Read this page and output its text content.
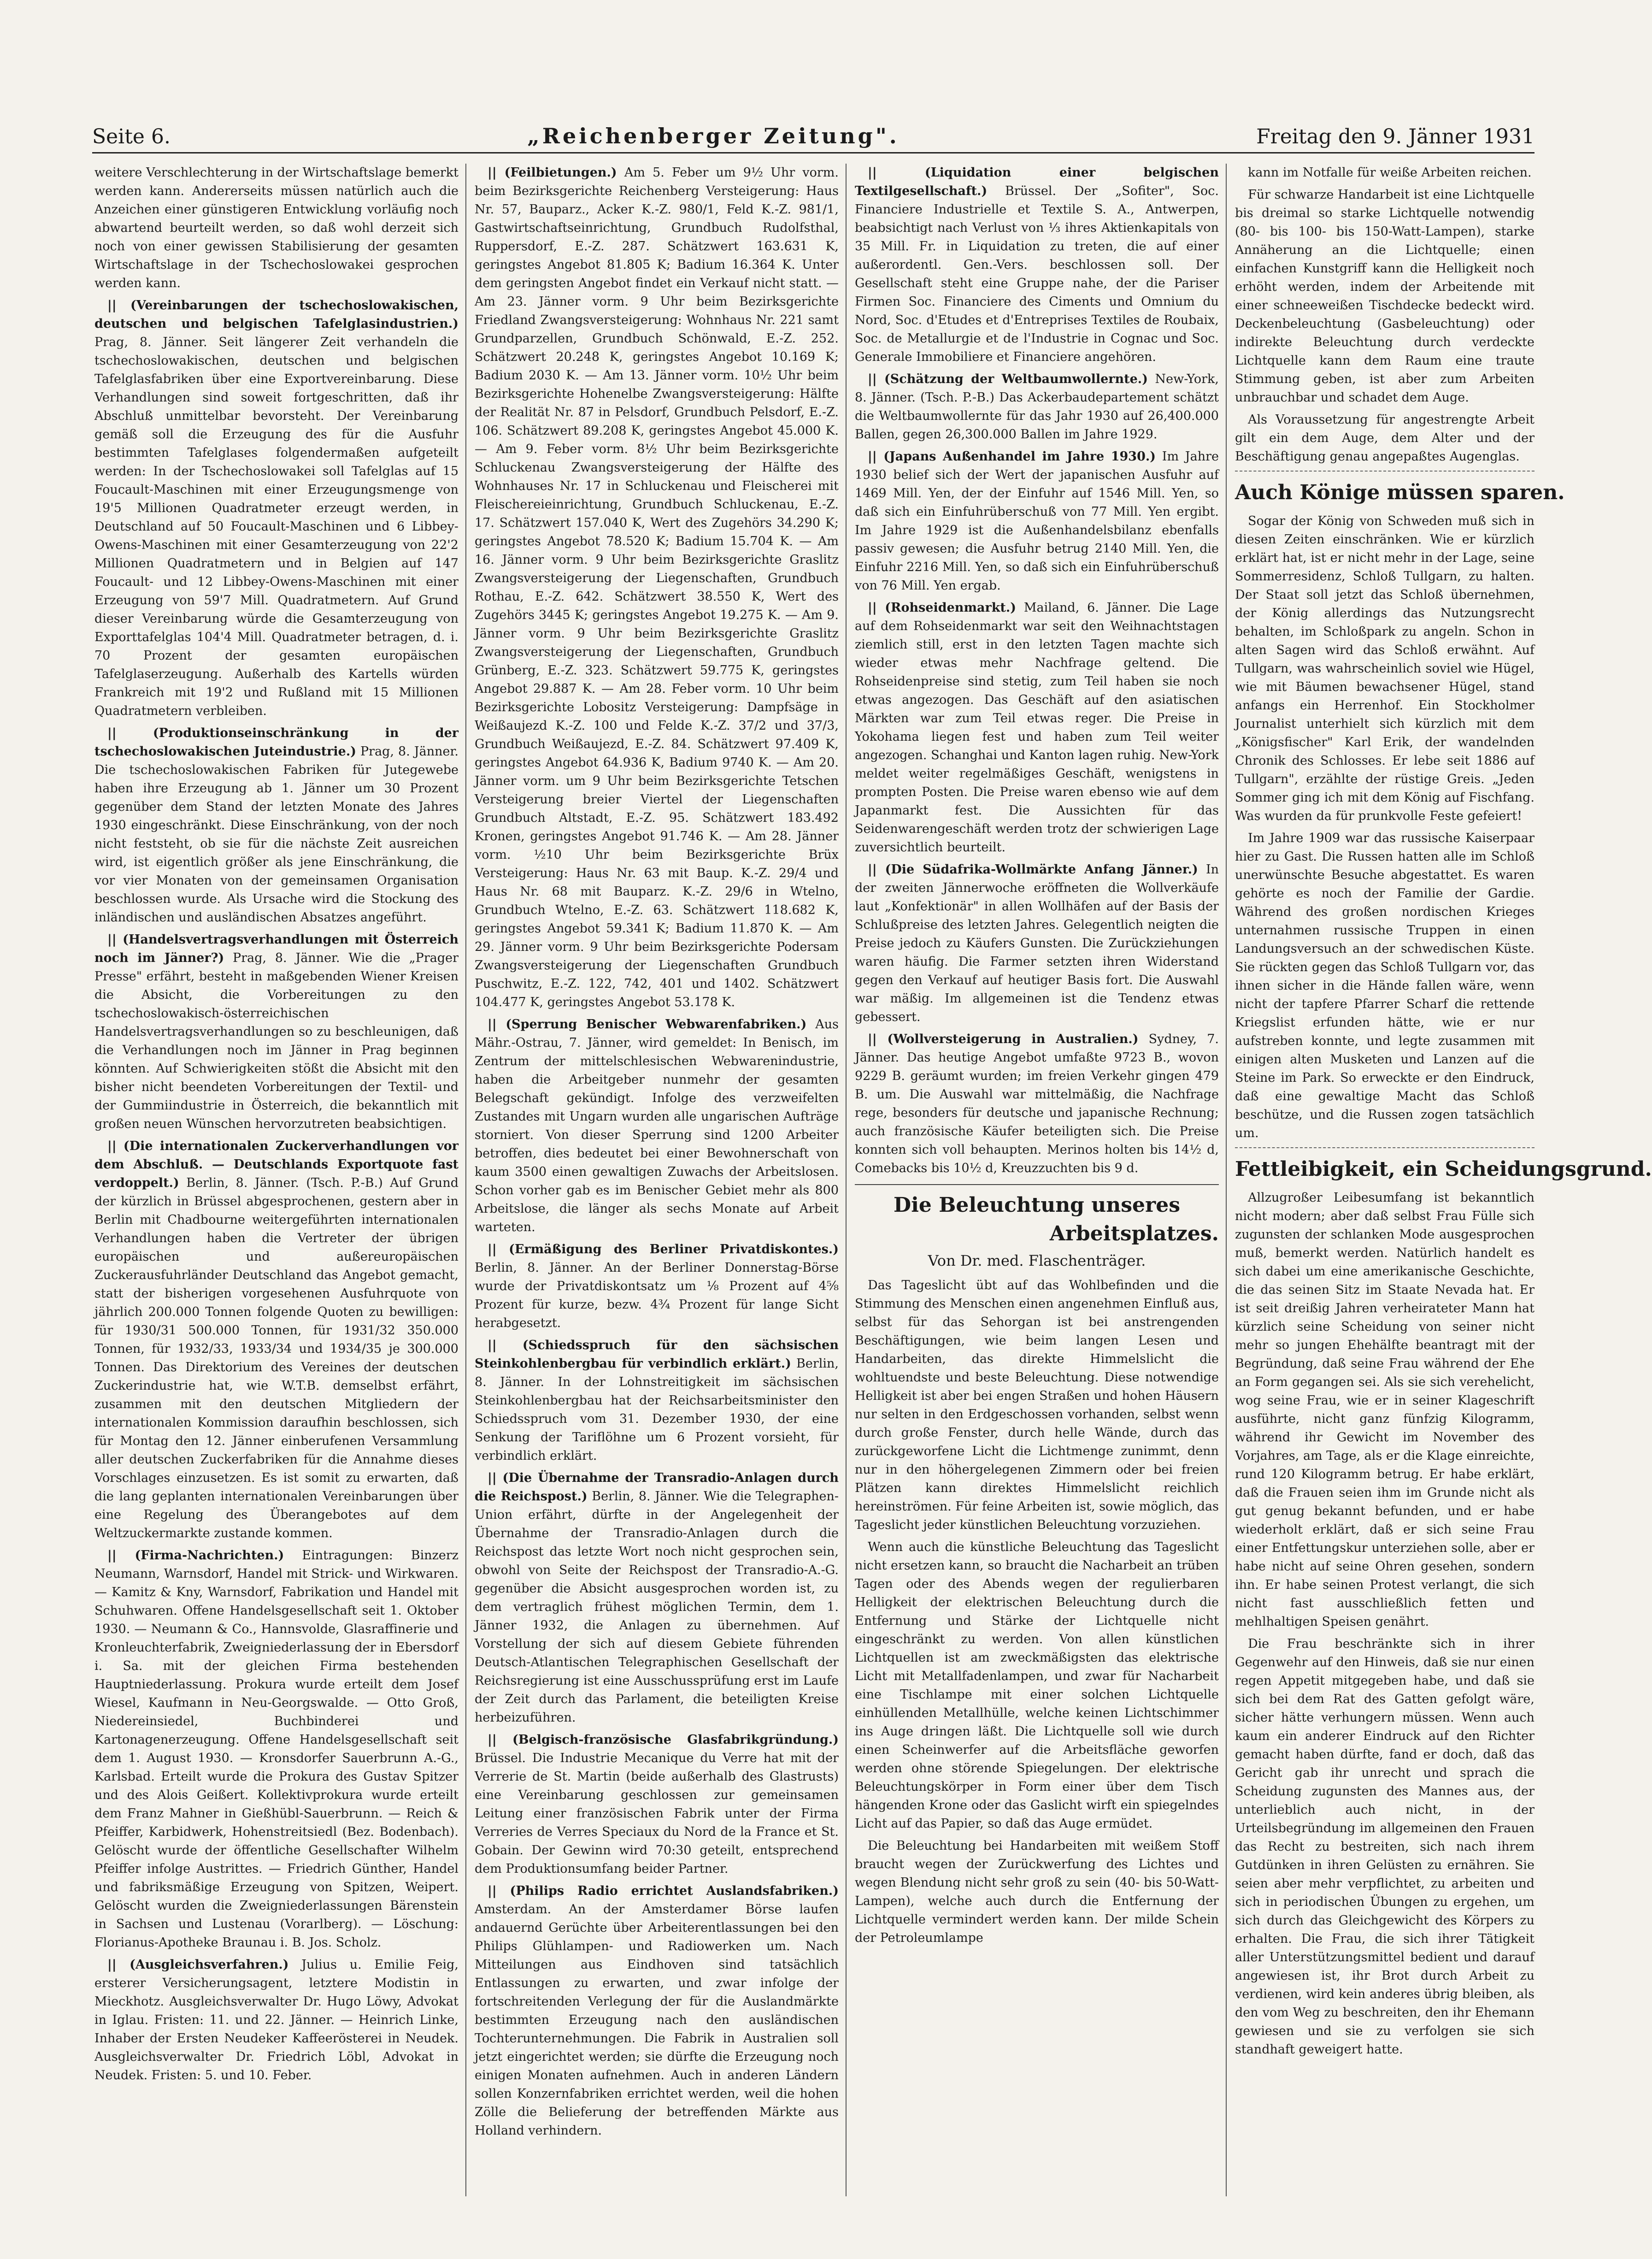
Seite 6.	„Reichenberger Zeitung".	Freitag den 9. Jänner 1931

weitere Verschlechterung in der Wirtschaftslage bemerkt werden kann. Andererseits müssen natürlich auch die Anzeichen einer günstigeren Entwicklung vorläufig noch abwartend beurteilt werden, so daß wohl derzeit sich noch von einer gewissen Stabilisierung der gesamten Wirtschaftslage in der Tschechoslowakei gesprochen werden kann.

|| (Vereinbarungen der tschechoslowakischen, deutschen und belgischen Tafelglasindustrien.) Prag, 8. Jänner. Seit längerer Zeit verhandeln die tschechoslowakischen, deutschen und belgischen Tafelglasfabriken über eine Exportvereinbarung. Diese Verhandlungen sind soweit fortgeschritten, daß ihr Abschluß unmittelbar bevorsteht. Der Vereinbarung gemäß soll die Erzeugung des für die Ausfuhr bestimmten Tafelglases folgendermaßen aufgeteilt werden: In der Tschechoslowakei soll Tafelglas auf 15 Foucault-Maschinen mit einer Erzeugungsmenge von 19'5 Millionen Quadratmeter erzeugt werden, in Deutschland auf 50 Foucault-Maschinen und 6 Libbey-Owens-Maschinen mit einer Gesamterzeugung von 22'2 Millionen Quadratmetern und in Belgien auf 147 Foucault- und 12 Libbey-Owens-Maschinen mit einer Erzeugung von 59'7 Mill. Quadratmetern. Auf Grund dieser Vereinbarung würde die Gesamterzeugung von Exporttafelglas 104'4 Mill. Quadratmeter betragen, d. i. 70 Prozent der gesamten europäischen Tafelglaserzeugung. Außerhalb des Kartells würden Frankreich mit 19'2 und Rußland mit 15 Millionen Quadratmetern verbleiben.

|| (Produktionseinschränkung in der tschechoslowakischen Juteindustrie.) Prag, 8. Jänner. Die tschechoslowakischen Fabriken für Jutegewebe haben ihre Erzeugung ab 1. Jänner um 30 Prozent gegenüber dem Stand der letzten Monate des Jahres 1930 eingeschränkt. Diese Einschränkung, von der noch nicht feststeht, ob sie für die nächste Zeit ausreichen wird, ist eigentlich größer als jene Einschränkung, die vor vier Monaten von der gemeinsamen Organisation beschlossen wurde. Als Ursache wird die Stockung des inländischen und ausländischen Absatzes angeführt.

|| (Handelsvertragsverhandlungen mit Österreich noch im Jänner?) Prag, 8. Jänner. Wie die „Prager Presse" erfährt, besteht in maßgebenden Wiener Kreisen die Absicht, die Vorbereitungen zu den tschechoslowakisch-österreichischen Handelsvertragsverhandlungen so zu beschleunigen, daß die Verhandlungen noch im Jänner in Prag beginnen könnten. Auf Schwierigkeiten stößt die Absicht mit den bisher nicht beendeten Vorbereitungen der Textil- und der Gummiindustrie in Österreich, die bekanntlich mit großen neuen Wünschen hervorzutreten beabsichtigen.

|| (Die internationalen Zuckerverhandlungen vor dem Abschluß. — Deutschlands Exportquote fast verdoppelt.) Berlin, 8. Jänner. (Tsch. P.-B.) Auf Grund der kürzlich in Brüssel abgesprochenen, gestern aber in Berlin mit Chadbourne weitergeführten internationalen Verhandlungen haben die Vertreter der übrigen europäischen und außereuropäischen Zuckerausfuhrländer Deutschland das Angebot gemacht, statt der bisherigen vorgesehenen Ausfuhrquote von jährlich 200.000 Tonnen folgende Quoten zu bewilligen: für 1930/31 500.000 Tonnen, für 1931/32 350.000 Tonnen, für 1932/33, 1933/34 und 1934/35 je 300.000 Tonnen. Das Direktorium des Vereines der deutschen Zuckerindustrie hat, wie W.T.B. demselbst erfährt, zusammen mit den deutschen Mitgliedern der internationalen Kommission daraufhin beschlossen, sich für Montag den 12. Jänner einberufenen Versammlung aller deutschen Zuckerfabriken für die Annahme dieses Vorschlages einzusetzen. Es ist somit zu erwarten, daß die lang geplanten internationalen Vereinbarungen über eine Regelung des Überangebotes auf dem Weltzuckermarkte zustande kommen.

|| (Firma-Nachrichten.) Eintragungen: Binzerz Neumann, Warnsdorf, Handel mit Strick- und Wirkwaren. — Kamitz & Kny, Warnsdorf, Fabrikation und Handel mit Schuhwaren. Offene Handelsgesellschaft seit 1. Oktober 1930. — Neumann & Co., Hannsvolde, Glasraffinerie und Kronleuchterfabrik, Zweigniederlassung der in Ebersdorf i. Sa. mit der gleichen Firma bestehenden Hauptniederlassung. Prokura wurde erteilt dem Josef Wiesel, Kaufmann in Neu-Georgswalde. — Otto Groß, Niedereinsiedel, Buchbinderei und Kartonagenerzeugung. Offene Handelsgesellschaft seit dem 1. August 1930. — Kronsdorfer Sauerbrunn A.-G., Karlsbad. Erteilt wurde die Prokura des Gustav Spitzer und des Alois Geißert. Kollektivprokura wurde erteilt dem Franz Mahner in Gießhübl-Sauerbrunn. — Reich & Pfeiffer, Karbidwerk, Hohenstreitsiedl (Bez. Bodenbach). Gelöscht wurde der öffentliche Gesellschafter Wilhelm Pfeiffer infolge Austrittes. — Friedrich Günther, Handel und fabriksmäßige Erzeugung von Spitzen, Weipert. Gelöscht wurden die Zweigniederlassungen Bärenstein in Sachsen und Lustenau (Vorarlberg). — Löschung: Florianus-Apotheke Braunau i. B. Jos. Scholz.

|| (Ausgleichsverfahren.) Julius u. Emilie Feig, ersterer Versicherungsagent, letztere Modistin in Mieckhotz. Ausgleichsverwalter Dr. Hugo Löwy, Advokat in Iglau. Fristen: 11. und 22. Jänner. — Heinrich Linke, Inhaber der Ersten Neudeker Kaffeerösterei in Neudek. Ausgleichsverwalter Dr. Friedrich Löbl, Advokat in Neudek. Fristen: 5. und 10. Feber.

|| (Feilbietungen.) Am 5. Feber um 9½ Uhr vorm. beim Bezirksgerichte Reichenberg Versteigerung: Haus Nr. 57, Bauparz., Acker K.-Z. 980/1, Feld K.-Z. 981/1, Gastwirtschaftseinrichtung, Grundbuch Rudolfsthal, Ruppersdorf, E.-Z. 287. Schätzwert 163.631 K, geringstes Angebot 81.805 K; Badium 16.364 K. Unter dem geringsten Angebot findet ein Verkauf nicht statt. — Am 23. Jänner vorm. 9 Uhr beim Bezirksgerichte Friedland Zwangsversteigerung: Wohnhaus Nr. 221 samt Grundparzellen, Grundbuch Schönwald, E.-Z. 252. Schätzwert 20.248 K, geringstes Angebot 10.169 K; Badium 2030 K. — Am 13. Jänner vorm. 10½ Uhr beim Bezirksgerichte Hohenelbe Zwangsversteigerung: Hälfte der Realität Nr. 87 in Pelsdorf, Grundbuch Pelsdorf, E.-Z. 106. Schätzwert 89.208 K, geringstes Angebot 45.000 K. — Am 9. Feber vorm. 8½ Uhr beim Bezirksgerichte Schluckenau Zwangsversteigerung der Hälfte des Wohnhauses Nr. 17 in Schluckenau und Fleischerei mit Fleischereieinrichtung, Grundbuch Schluckenau, E.-Z. 17. Schätzwert 157.040 K, Wert des Zugehörs 34.290 K; geringstes Angebot 78.520 K; Badium 15.704 K. — Am 16. Jänner vorm. 9 Uhr beim Bezirksgerichte Graslitz Zwangsversteigerung der Liegenschaften, Grundbuch Rothau, E.-Z. 642. Schätzwert 38.550 K, Wert des Zugehörs 3445 K; geringstes Angebot 19.275 K. — Am 9. Jänner vorm. 9 Uhr beim Bezirksgerichte Graslitz Zwangsversteigerung der Liegenschaften, Grundbuch Grünberg, E.-Z. 323. Schätzwert 59.775 K, geringstes Angebot 29.887 K. — Am 28. Feber vorm. 10 Uhr beim Bezirksgerichte Lobositz Versteigerung: Dampfsäge in Weißaujezd K.-Z. 100 und Felde K.-Z. 37/2 und 37/3, Grundbuch Weißaujezd, E.-Z. 84. Schätzwert 97.409 K, geringstes Angebot 64.936 K, Badium 9740 K. — Am 20. Jänner vorm. um 9 Uhr beim Bezirksgerichte Tetschen Versteigerung breier Viertel der Liegenschaften Grundbuch Altstadt, E.-Z. 95. Schätzwert 183.492 Kronen, geringstes Angebot 91.746 K. — Am 28. Jänner vorm. ½10 Uhr beim Bezirksgerichte Brüx Versteigerung: Haus Nr. 63 mit Baup. K.-Z. 29/4 und Haus Nr. 68 mit Bauparz. K.-Z. 29/6 in Wtelno, Grundbuch Wtelno, E.-Z. 63. Schätzwert 118.682 K, geringstes Angebot 59.341 K; Badium 11.870 K. — Am 29. Jänner vorm. 9 Uhr beim Bezirksgerichte Podersam Zwangsversteigerung der Liegenschaften Grundbuch Puschwitz, E.-Z. 122, 742, 401 und 1402. Schätzwert 104.477 K, geringstes Angebot 53.178 K.

|| (Sperrung Benischer Webwarenfabriken.) Aus Mähr.-Ostrau, 7. Jänner, wird gemeldet: In Benisch, im Zentrum der mittelschlesischen Webwarenindustrie, haben die Arbeitgeber nunmehr der gesamten Belegschaft gekündigt. Infolge des verzweifelten Zustandes mit Ungarn wurden alle ungarischen Aufträge storniert. Von dieser Sperrung sind 1200 Arbeiter betroffen, dies bedeutet bei einer Bewohnerschaft von kaum 3500 einen gewaltigen Zuwachs der Arbeitslosen. Schon vorher gab es im Benischer Gebiet mehr als 800 Arbeitslose, die länger als sechs Monate auf Arbeit warteten.

|| (Ermäßigung des Berliner Privatdiskontes.) Berlin, 8. Jänner. An der Berliner Donnerstag-Börse wurde der Privatdiskontsatz um ⅛ Prozent auf 4⅝ Prozent für kurze, bezw. 4¾ Prozent für lange Sicht herabgesetzt.

|| (Schiedsspruch für den sächsischen Steinkohlenbergbau für verbindlich erklärt.) Berlin, 8. Jänner. In der Lohnstreitigkeit im sächsischen Steinkohlenbergbau hat der Reichsarbeitsminister den Schiedsspruch vom 31. Dezember 1930, der eine Senkung der Tariflöhne um 6 Prozent vorsieht, für verbindlich erklärt.

|| (Die Übernahme der Transradio-Anlagen durch die Reichspost.) Berlin, 8. Jänner. Wie die Telegraphen-Union erfährt, dürfte in der Angelegenheit der Übernahme der Transradio-Anlagen durch die Reichspost das letzte Wort noch nicht gesprochen sein, obwohl von Seite der Reichspost der Transradio-A.-G. gegenüber die Absicht ausgesprochen worden ist, zu dem vertraglich frühest möglichen Termin, dem 1. Jänner 1932, die Anlagen zu übernehmen. Auf Vorstellung der sich auf diesem Gebiete führenden Deutsch-Atlantischen Telegraphischen Gesellschaft der Reichsregierung ist eine Ausschussprüfung erst im Laufe der Zeit durch das Parlament, die beteiligten Kreise herbeizuführen.

|| (Belgisch-französische Glasfabrikgründung.) Brüssel. Die Industrie Mecanique du Verre hat mit der Verrerie de St. Martin (beide außerhalb des Glastrusts) eine Vereinbarung geschlossen zur gemeinsamen Leitung einer französischen Fabrik unter der Firma Verreries de Verres Speciaux du Nord de la France et St. Gobain. Der Gewinn wird 70:30 geteilt, entsprechend dem Produktionsumfang beider Partner.

|| (Philips Radio errichtet Auslandsfabriken.) Amsterdam. An der Amsterdamer Börse laufen andauernd Gerüchte über Arbeiterentlassungen bei den Philips Glühlampen- und Radiowerken um. Nach Mitteilungen aus Eindhoven sind tatsächlich Entlassungen zu erwarten, und zwar infolge der fortschreitenden Verlegung der für die Auslandmärkte bestimmten Erzeugung nach den ausländischen Tochterunternehmungen. Die Fabrik in Australien soll jetzt eingerichtet werden; sie dürfte die Erzeugung noch einigen Monaten aufnehmen. Auch in anderen Ländern sollen Konzernfabriken errichtet werden, weil die hohen Zölle die Belieferung der betreffenden Märkte aus Holland verhindern.

|| (Liquidation einer belgischen Textilgesellschaft.) Brüssel. Der „Sofiter", Soc. Financiere Industrielle et Textile S. A., Antwerpen, beabsichtigt nach Verlust von ⅓ ihres Aktienkapitals von 35 Mill. Fr. in Liquidation zu treten, die auf einer außerordentl. Gen.-Vers. beschlossen soll. Der Gesellschaft steht eine Gruppe nahe, der die Pariser Firmen Soc. Financiere des Ciments und Omnium du Nord, Soc. d'Etudes et d'Entreprises Textiles de Roubaix, Soc. de Metallurgie et de l'Industrie in Cognac und Soc. Generale Immobiliere et Financiere angehören.

|| (Schätzung der Weltbaumwollernte.) New-York, 8. Jänner. (Tsch. P.-B.) Das Ackerbaudepartement schätzt die Weltbaumwollernte für das Jahr 1930 auf 26,400.000 Ballen, gegen 26,300.000 Ballen im Jahre 1929.

|| (Japans Außenhandel im Jahre 1930.) Im Jahre 1930 belief sich der Wert der japanischen Ausfuhr auf 1469 Mill. Yen, der der Einfuhr auf 1546 Mill. Yen, so daß sich ein Einfuhrüberschuß von 77 Mill. Yen ergibt. Im Jahre 1929 ist die Außenhandelsbilanz ebenfalls passiv gewesen; die Ausfuhr betrug 2140 Mill. Yen, die Einfuhr 2216 Mill. Yen, so daß sich ein Einfuhrüberschuß von 76 Mill. Yen ergab.

|| (Rohseidenmarkt.) Mailand, 6. Jänner. Die Lage auf dem Rohseidenmarkt war seit den Weihnachtstagen ziemlich still, erst in den letzten Tagen machte sich wieder etwas mehr Nachfrage geltend. Die Rohseidenpreise sind stetig, zum Teil haben sie noch etwas angezogen. Das Geschäft auf den asiatischen Märkten war zum Teil etwas reger. Die Preise in Yokohama liegen fest und haben zum Teil weiter angezogen. Schanghai und Kanton lagen ruhig. New-York meldet weiter regelmäßiges Geschäft, wenigstens in prompten Posten. Die Preise waren ebenso wie auf dem Japanmarkt fest. Die Aussichten für das Seidenwarengeschäft werden trotz der schwierigen Lage zuversichtlich beurteilt.

|| (Die Südafrika-Wollmärkte Anfang Jänner.) In der zweiten Jännerwoche eröffneten die Wollverkäufe laut „Konfektionär" in allen Wollhäfen auf der Basis der Schlußpreise des letzten Jahres. Gelegentlich neigten die Preise jedoch zu Käufers Gunsten. Die Zurückziehungen waren häufig. Die Farmer setzten ihren Widerstand gegen den Verkauf auf heutiger Basis fort. Die Auswahl war mäßig. Im allgemeinen ist die Tendenz etwas gebessert.

|| (Wollversteigerung in Australien.) Sydney, 7. Jänner. Das heutige Angebot umfaßte 9723 B., wovon 9229 B. geräumt wurden; im freien Verkehr gingen 479 B. um. Die Auswahl war mittelmäßig, die Nachfrage rege, besonders für deutsche und japanische Rechnung; auch französische Käufer beteiligten sich. Die Preise konnten sich voll behaupten. Merinos holten bis 14½ d, Comebacks bis 10½ d, Kreuzzuchten bis 9 d.

Die Beleuchtung unseres
Arbeitsplatzes.
Von Dr. med. Flaschenträger.

Das Tageslicht übt auf das Wohlbefinden und die Stimmung des Menschen einen angenehmen Einfluß aus, selbst für das Sehorgan ist bei anstrengenden Beschäftigungen, wie beim langen Lesen und Handarbeiten, das direkte Himmelslicht die wohltuendste und beste Beleuchtung. Diese notwendige Helligkeit ist aber bei engen Straßen und hohen Häusern nur selten in den Erdgeschossen vorhanden, selbst wenn durch große Fenster, durch helle Wände, durch das zurückgeworfene Licht die Lichtmenge zunimmt, denn nur in den höhergelegenen Zimmern oder bei freien Plätzen kann direktes Himmelslicht reichlich hereinströmen. Für feine Arbeiten ist, sowie möglich, das Tageslicht jeder künstlichen Beleuchtung vorzuziehen.

Wenn auch die künstliche Beleuchtung das Tageslicht nicht ersetzen kann, so braucht die Nacharbeit an trüben Tagen oder des Abends wegen der regulierbaren Helligkeit der elektrischen Beleuchtung durch die Entfernung und Stärke der Lichtquelle nicht eingeschränkt zu werden. Von allen künstlichen Lichtquellen ist am zweckmäßigsten das elektrische Licht mit Metallfadenlampen, und zwar für Nacharbeit eine Tischlampe mit einer solchen Lichtquelle einhüllenden Metallhülle, welche keinen Lichtschimmer ins Auge dringen läßt. Die Lichtquelle soll wie durch einen Scheinwerfer auf die Arbeitsfläche geworfen werden ohne störende Spiegelungen. Der elektrische Beleuchtungskörper in Form einer über dem Tisch hängenden Krone oder das Gaslicht wirft ein spiegelndes Licht auf das Papier, so daß das Auge ermüdet.

Die Beleuchtung bei Handarbeiten mit weißem Stoff braucht wegen der Zurückwerfung des Lichtes und wegen Blendung nicht sehr groß zu sein (40- bis 50-Watt-Lampen), welche auch durch die Entfernung der Lichtquelle vermindert werden kann. Der milde Schein der Petroleumlampe

kann im Notfalle für weiße Arbeiten reichen.

Für schwarze Handarbeit ist eine Lichtquelle bis dreimal so starke Lichtquelle notwendig (80- bis 100- bis 150-Watt-Lampen), starke Annäherung an die Lichtquelle; einen einfachen Kunstgriff kann die Helligkeit noch erhöht werden, indem der Arbeitende mit einer schneeweißen Tischdecke bedeckt wird. Deckenbeleuchtung (Gasbeleuchtung) oder indirekte Beleuchtung durch verdeckte Lichtquelle kann dem Raum eine traute Stimmung geben, ist aber zum Arbeiten unbrauchbar und schadet dem Auge.

Als Voraussetzung für angestrengte Arbeit gilt ein dem Auge, dem Alter und der Beschäftigung genau angepaßtes Augenglas.

Auch Könige müssen sparen.

Sogar der König von Schweden muß sich in diesen Zeiten einschränken. Wie er kürzlich erklärt hat, ist er nicht mehr in der Lage, seine Sommerresidenz, Schloß Tullgarn, zu halten. Der Staat soll jetzt das Schloß übernehmen, der König allerdings das Nutzungsrecht behalten, im Schloßpark zu angeln. Schon in alten Sagen wird das Schloß erwähnt. Auf Tullgarn, was wahrscheinlich soviel wie Hügel, wie mit Bäumen bewachsener Hügel, stand anfangs ein Herrenhof. Ein Stockholmer Journalist unterhielt sich kürzlich mit dem „Königsfischer" Karl Erik, der wandelnden Chronik des Schlosses. Er lebe seit 1886 auf Tullgarn", erzählte der rüstige Greis. „Jeden Sommer ging ich mit dem König auf Fischfang. Was wurden da für prunkvolle Feste gefeiert!

Im Jahre 1909 war das russische Kaiserpaar hier zu Gast. Die Russen hatten alle im Schloß unerwünschte Besuche abgestattet. Es waren gehörte es noch der Familie der Gardie. Während des großen nordischen Krieges unternahmen russische Truppen in einen Landungsversuch an der schwedischen Küste. Sie rückten gegen das Schloß Tullgarn vor, das ihnen sicher in die Hände fallen wäre, wenn nicht der tapfere Pfarrer Scharf die rettende Kriegslist erfunden hätte, wie er nur aufstreben konnte, und legte zusammen mit einigen alten Musketen und Lanzen auf die Steine im Park. So erweckte er den Eindruck, daß eine gewaltige Macht das Schloß beschütze, und die Russen zogen tatsächlich um.

Fettleibigkeit, ein Scheidungsgrund.

Allzugroßer Leibesumfang ist bekanntlich nicht modern; aber daß selbst Frau Fülle sich zugunsten der schlanken Mode ausgesprochen muß, bemerkt werden. Natürlich handelt es sich dabei um eine amerikanische Geschichte, die das seinen Sitz im Staate Nevada hat. Er ist seit dreißig Jahren verheirateter Mann hat kürzlich seine Scheidung von seiner nicht mehr so jungen Ehehälfte beantragt mit der Begründung, daß seine Frau während der Ehe an Form gegangen sei. Als sie sich verehelicht, wog seine Frau, wie er in seiner Klageschrift ausführte, nicht ganz fünfzig Kilogramm, während ihr Gewicht im November des Vorjahres, am Tage, als er die Klage einreichte, rund 120 Kilogramm betrug. Er habe erklärt, daß die Frauen seien ihm im Grunde nicht als gut genug bekannt befunden, und er habe wiederholt erklärt, daß er sich seine Frau einer Entfettungskur unterziehen solle, aber er habe nicht auf seine Ohren gesehen, sondern ihn. Er habe seinen Protest verlangt, die sich nicht fast ausschließlich fetten und mehlhaltigen Speisen genährt.

Die Frau beschränkte sich in ihrer Gegenwehr auf den Hinweis, daß sie nur einen regen Appetit mitgegeben habe, und daß sie sich bei dem Rat des Gatten gefolgt wäre, sicher hätte verhungern müssen. Wenn auch kaum ein anderer Eindruck auf den Richter gemacht haben dürfte, fand er doch, daß das Gericht gab ihr unrecht und sprach die Scheidung zugunsten des Mannes aus, der unterlieblich auch nicht, in der Urteilsbegründung im allgemeinen den Frauen das Recht zu bestreiten, sich nach ihrem Gutdünken in ihren Gelüsten zu ernähren. Sie seien aber mehr verpflichtet, zu arbeiten und sich in periodischen Übungen zu ergehen, um sich durch das Gleichgewicht des Körpers zu erhalten. Die Frau, die sich ihrer Tätigkeit aller Unterstützungsmittel bedient und darauf angewiesen ist, ihr Brot durch Arbeit zu verdienen, wird kein anderes übrig bleiben, als den vom Weg zu beschreiten, den ihr Ehemann gewiesen und sie zu verfolgen sie sich standhaft geweigert hatte.
